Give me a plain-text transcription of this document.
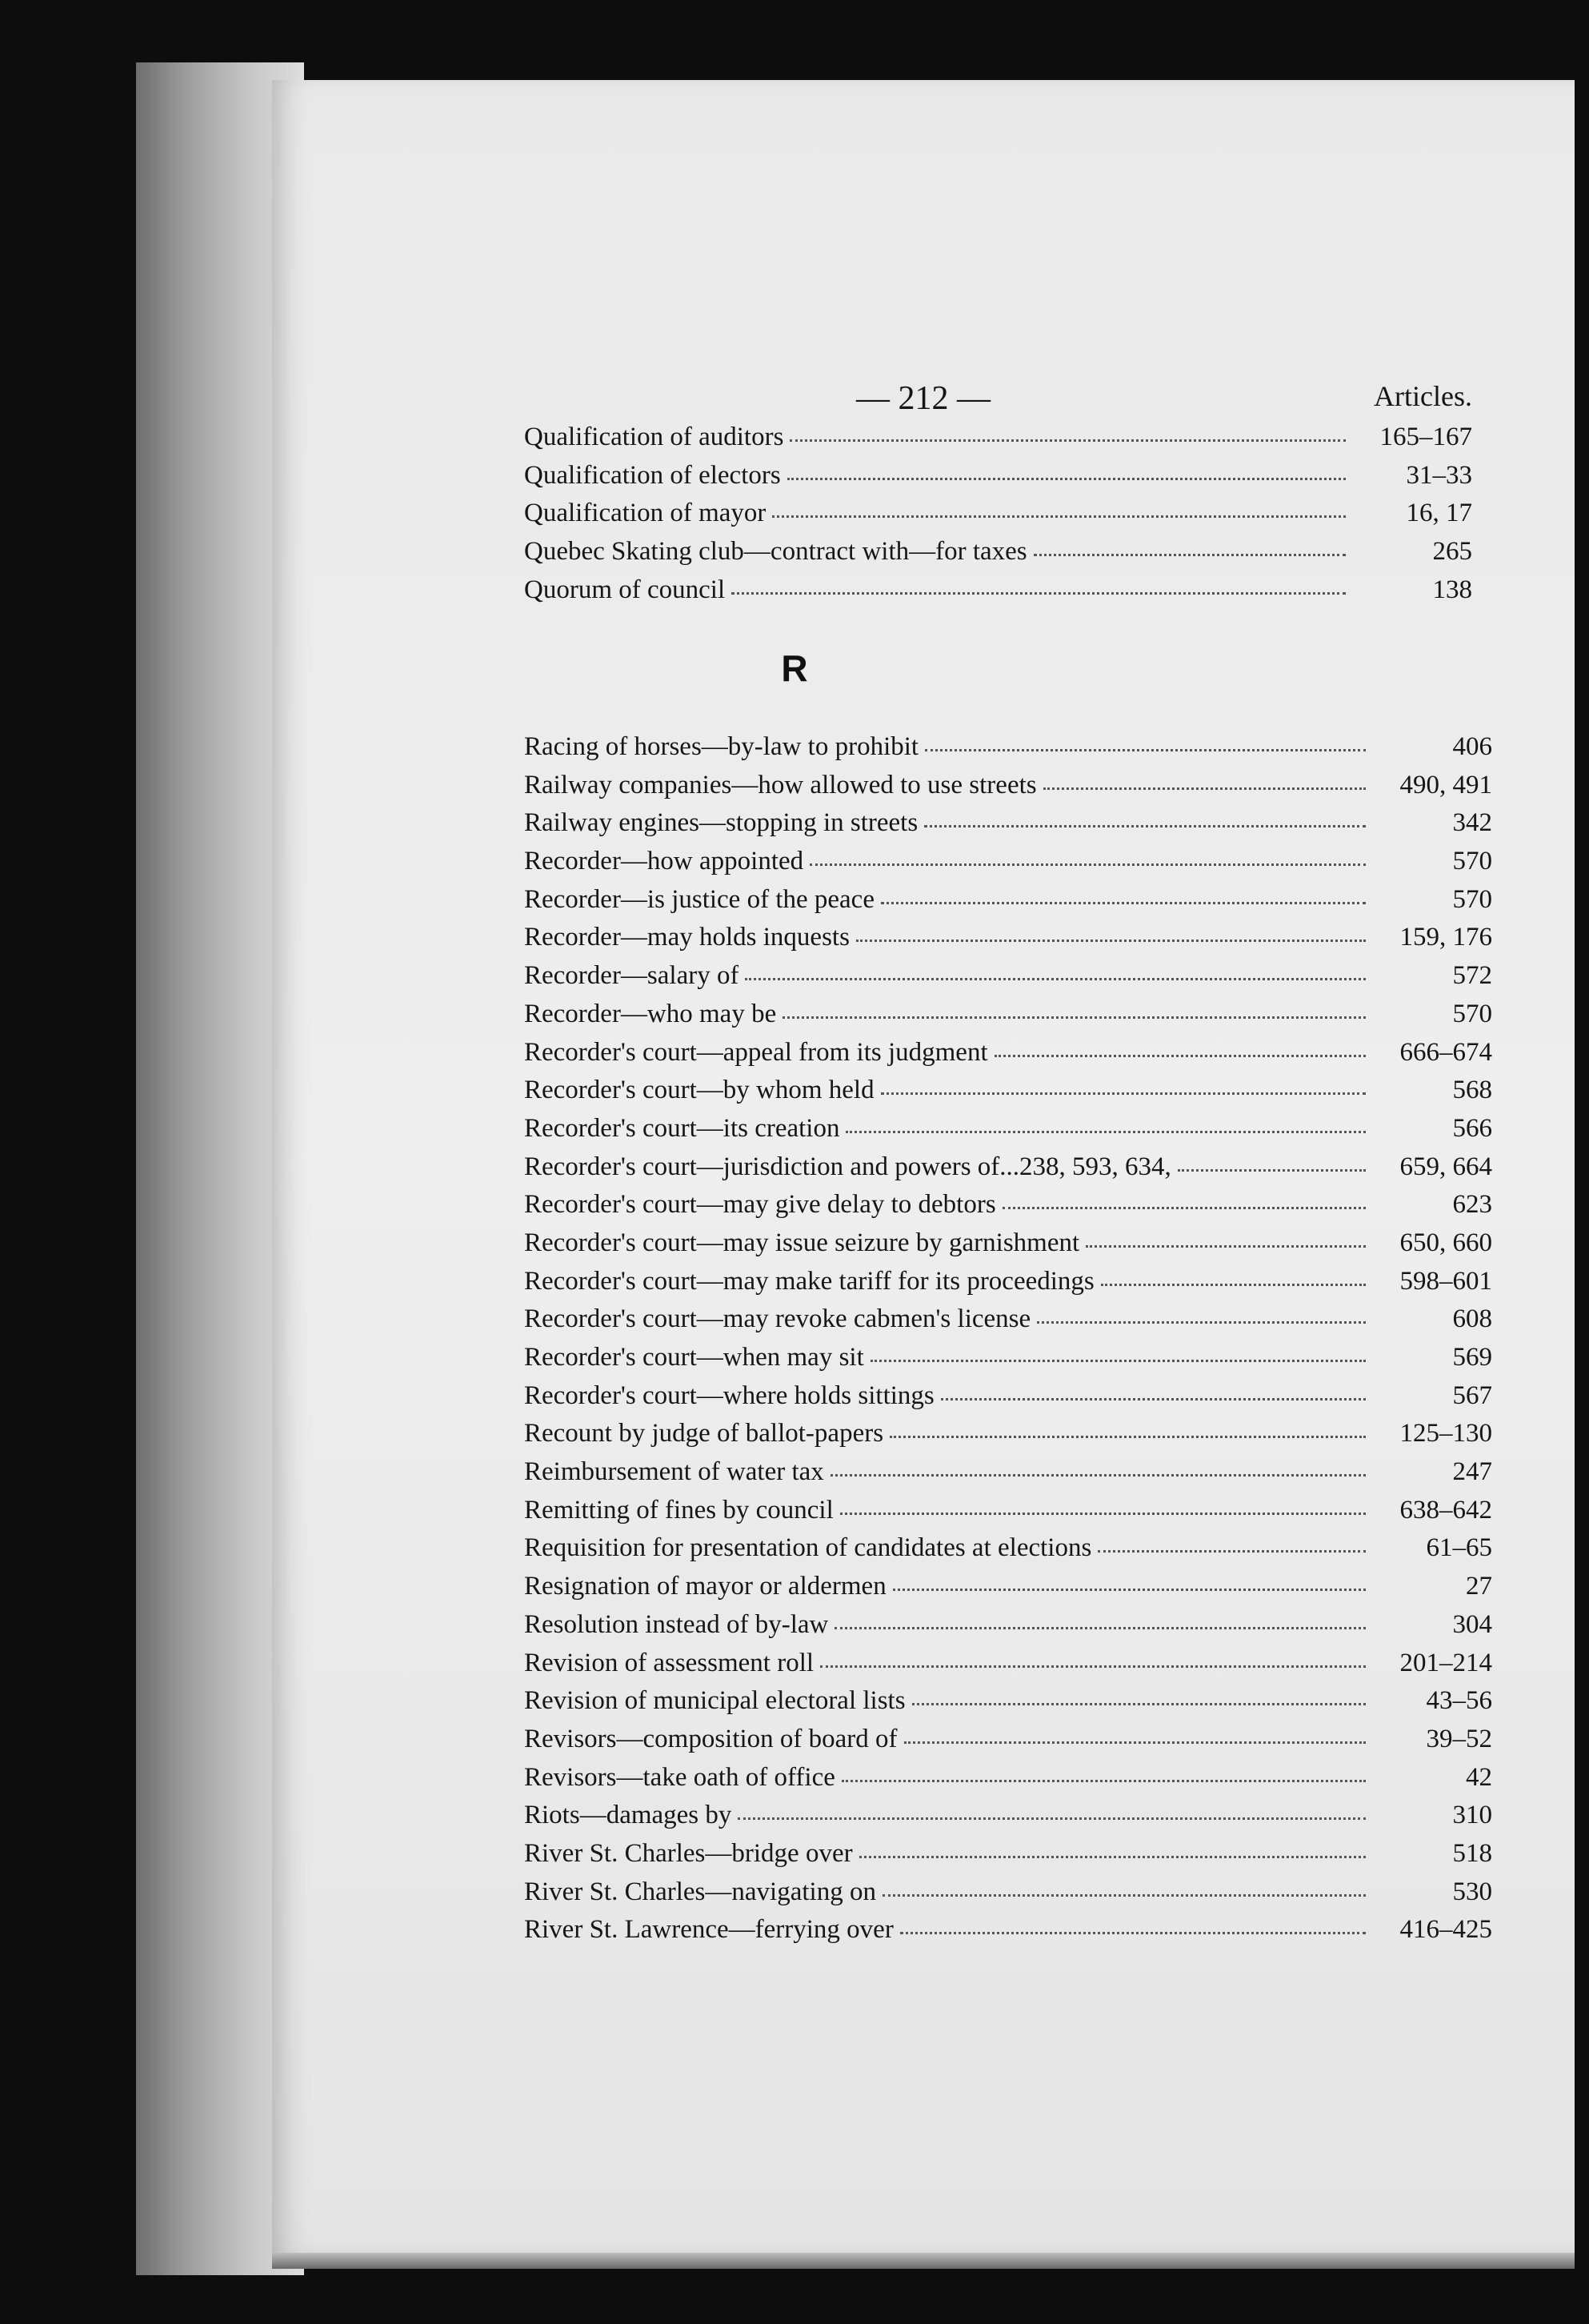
— 212 —	Articles.
Qualification of auditors	165–167
Qualification of electors	31–33
Qualification of mayor	16, 17
Quebec Skating club—contract with—for taxes	265
Quorum of council	138
R
Racing of horses—by-law to prohibit	406
Railway companies—how allowed to use streets	490, 491
Railway engines—stopping in streets	342
Recorder—how appointed	570
Recorder—is justice of the peace	570
Recorder—may holds inquests	159, 176
Recorder—salary of	572
Recorder—who may be	570
Recorder's court—appeal from its judgment	666–674
Recorder's court—by whom held	568
Recorder's court—its creation	566
Recorder's court—jurisdiction and powers of...238, 593, 634,	659, 664
Recorder's court—may give delay to debtors	623
Recorder's court—may issue seizure by garnishment	650, 660
Recorder's court—may make tariff for its proceedings	598–601
Recorder's court—may revoke cabmen's license	608
Recorder's court—when may sit	569
Recorder's court—where holds sittings	567
Recount by judge of ballot-papers	125–130
Reimbursement of water tax	247
Remitting of fines by council	638–642
Requisition for presentation of candidates at elections	61–65
Resignation of mayor or aldermen	27
Resolution instead of by-law	304
Revision of assessment roll	201–214
Revision of municipal electoral lists	43–56
Revisors—composition of board of	39–52
Revisors—take oath of office	42
Riots—damages by	310
River St. Charles—bridge over	518
River St. Charles—navigating on	530
River St. Lawrence—ferrying over	416–425
